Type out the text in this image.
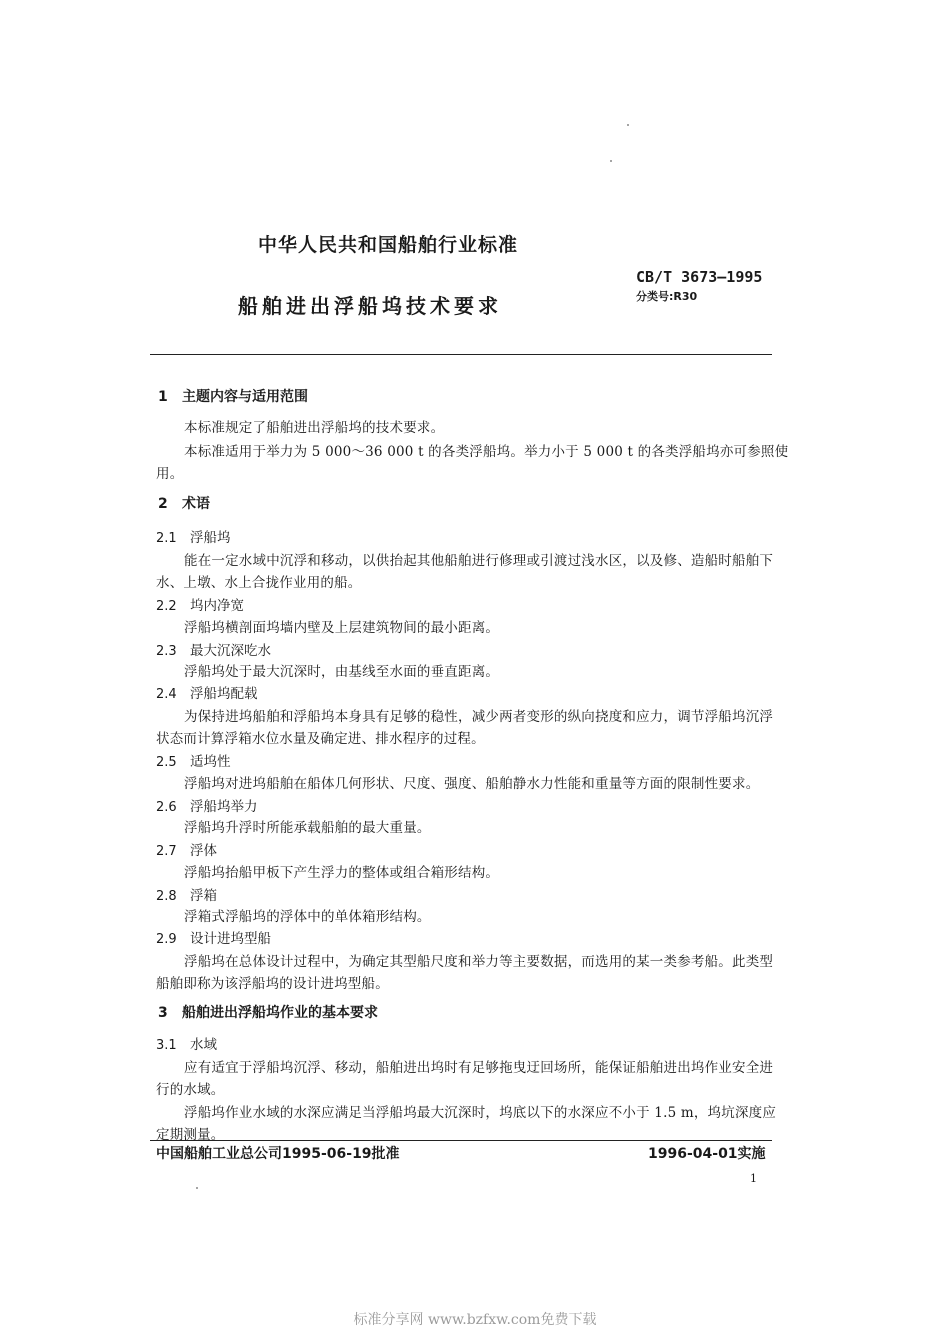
中华人民共和国船舶行业标准
CB/T 3673—1995
分类号:R30
船舶进出浮船坞技术要求
1 主题内容与适用范围
本标准规定了船舶进出浮船坞的技术要求。
本标准适用于举力为 5 000～36 000 t 的各类浮船坞。举力小于 5 000 t 的各类浮船坞亦可参照使
用。
2 术语
2.1 浮船坞
能在一定水域中沉浮和移动，以供抬起其他船舶进行修理或引渡过浅水区，以及修、造船时船舶下
水、上墩、水上合拢作业用的船。
2.2 坞内净宽
浮船坞横剖面坞墙内壁及上层建筑物间的最小距离。
2.3 最大沉深吃水
浮船坞处于最大沉深时，由基线至水面的垂直距离。
2.4 浮船坞配载
为保持进坞船舶和浮船坞本身具有足够的稳性，减少两者变形的纵向挠度和应力，调节浮船坞沉浮
状态而计算浮箱水位水量及确定进、排水程序的过程。
2.5 适坞性
浮船坞对进坞船舶在船体几何形状、尺度、强度、船舶静水力性能和重量等方面的限制性要求。
2.6 浮船坞举力
浮船坞升浮时所能承载船舶的最大重量。
2.7 浮体
浮船坞抬船甲板下产生浮力的整体或组合箱形结构。
2.8 浮箱
浮箱式浮船坞的浮体中的单体箱形结构。
2.9 设计进坞型船
浮船坞在总体设计过程中，为确定其型船尺度和举力等主要数据，而选用的某一类参考船。此类型
船舶即称为该浮船坞的设计进坞型船。
3 船舶进出浮船坞作业的基本要求
3.1 水域
应有适宜于浮船坞沉浮、移动，船舶进出坞时有足够拖曳迂回场所，能保证船舶进出坞作业安全进
行的水域。
浮船坞作业水域的水深应满足当浮船坞最大沉深时，坞底以下的水深应不小于 1.5 m，坞坑深度应
定期测量。
中国船舶工业总公司1995-06-19批准	1996-04-01实施
1
标准分享网 www.bzfxw.com免费下载
